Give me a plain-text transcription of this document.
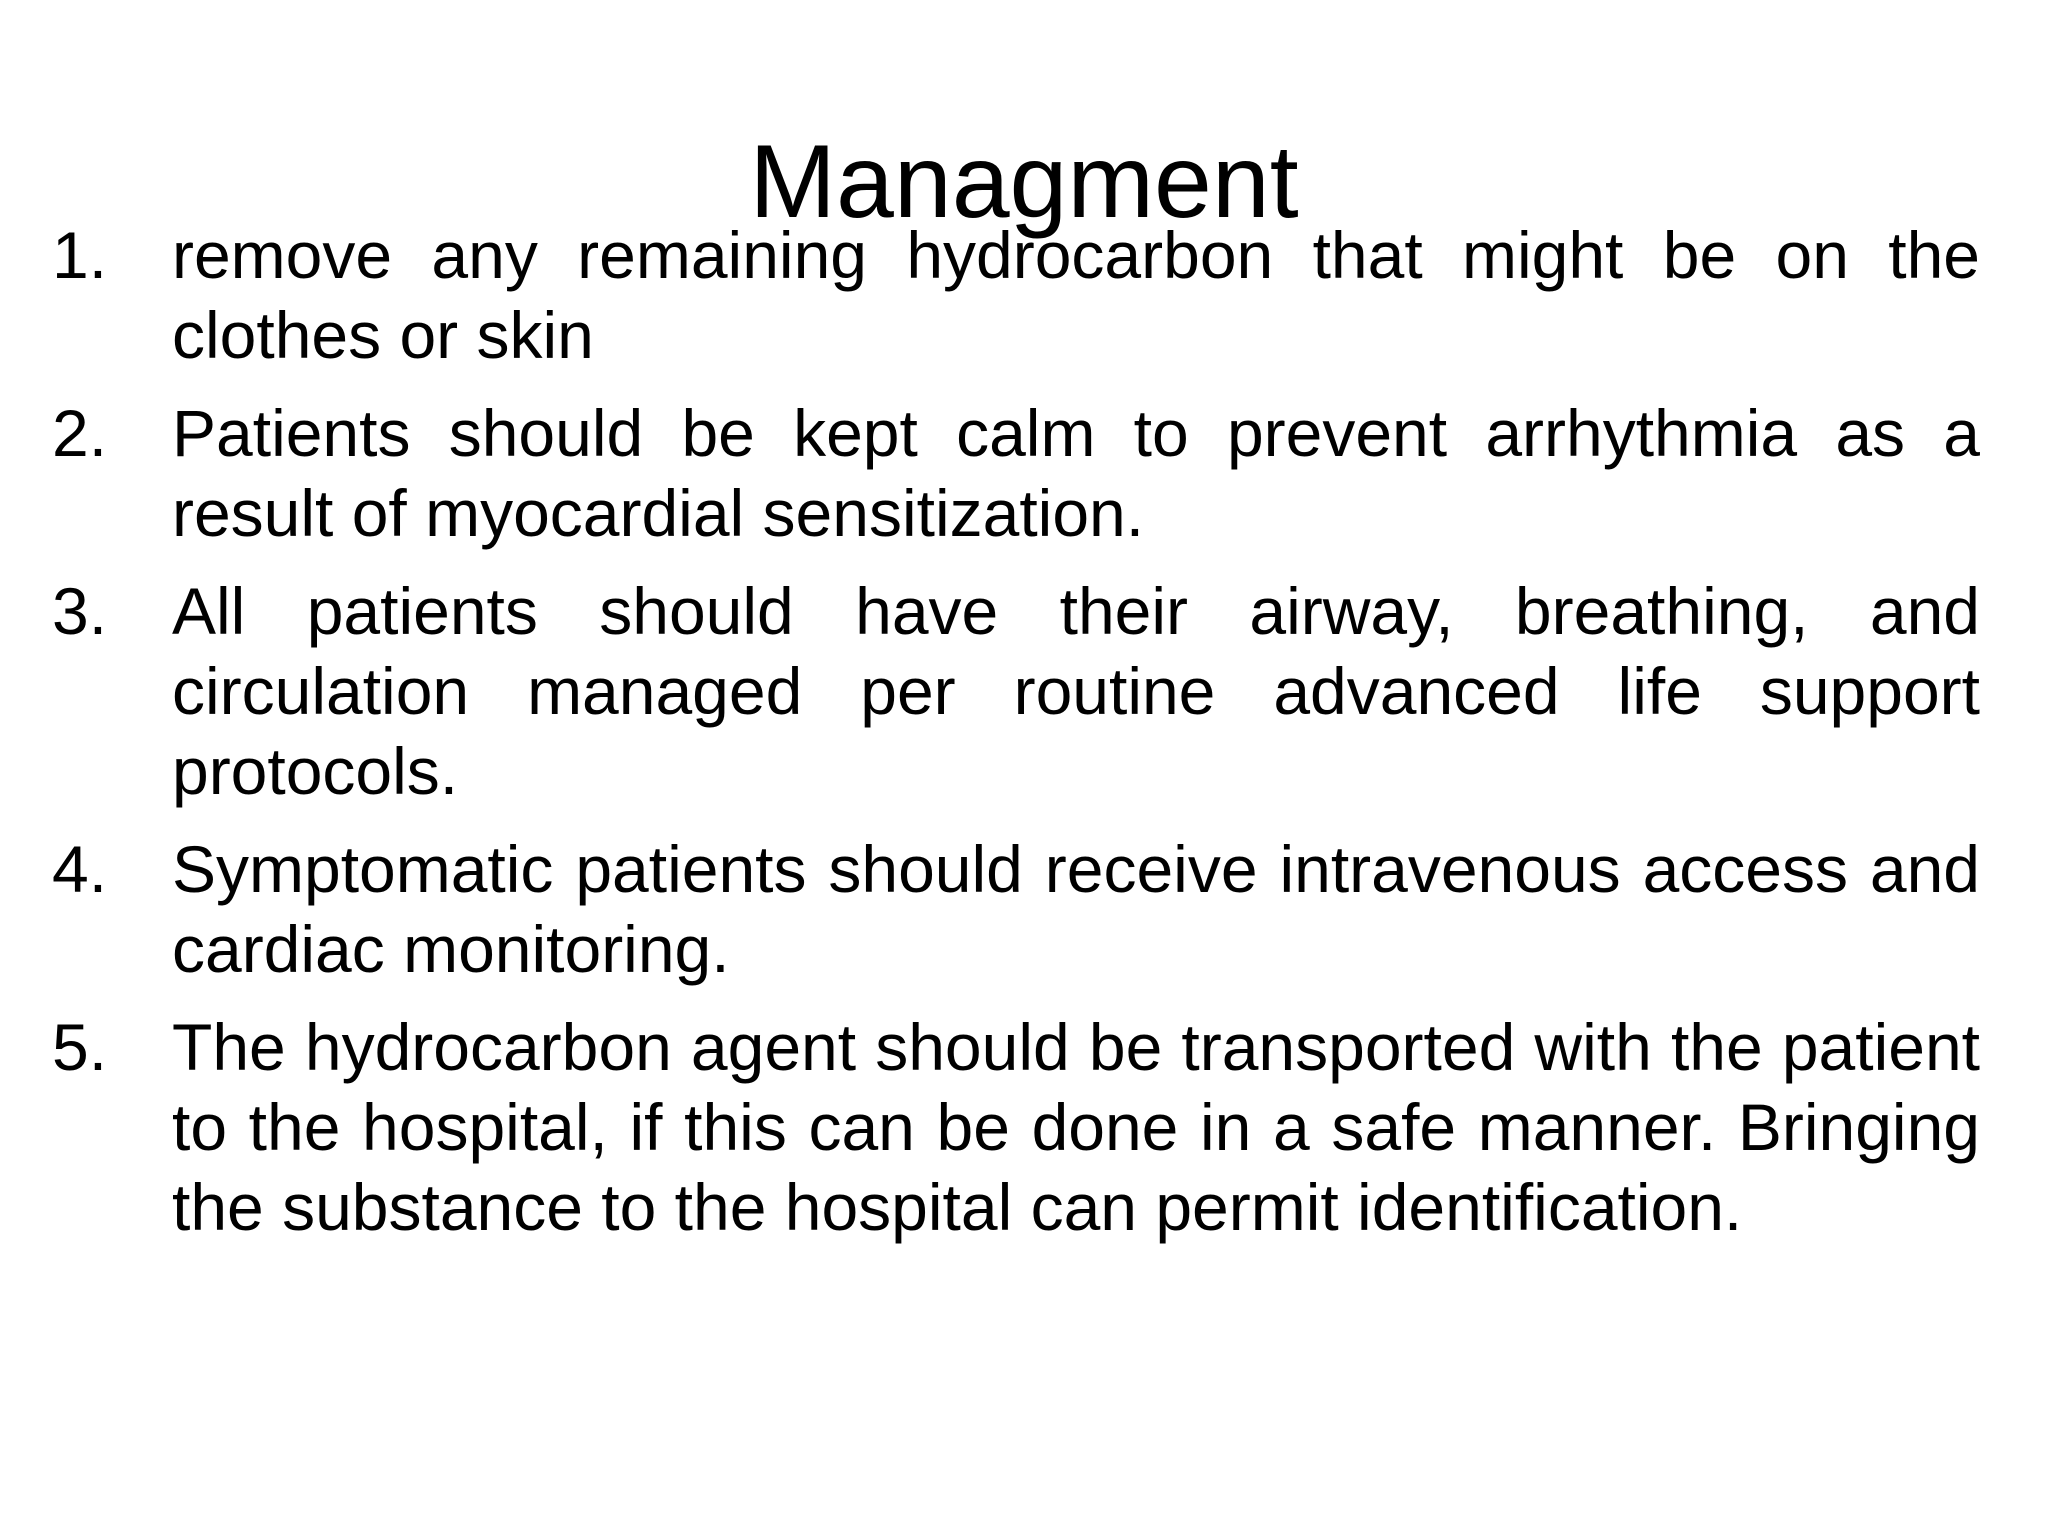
Managment
1. remove any remaining hydrocarbon that might be on the clothes or skin
2. Patients should be kept calm to prevent arrhythmia as a result of myocardial sensitization.
3. All patients should have their airway, breathing, and circulation managed per routine advanced life support protocols.
4. Symptomatic patients should receive intravenous access and cardiac monitoring.
5. The hydrocarbon agent should be transported with the patient to the hospital, if this can be done in a safe manner. Bringing the substance to the hospital can permit identification.
